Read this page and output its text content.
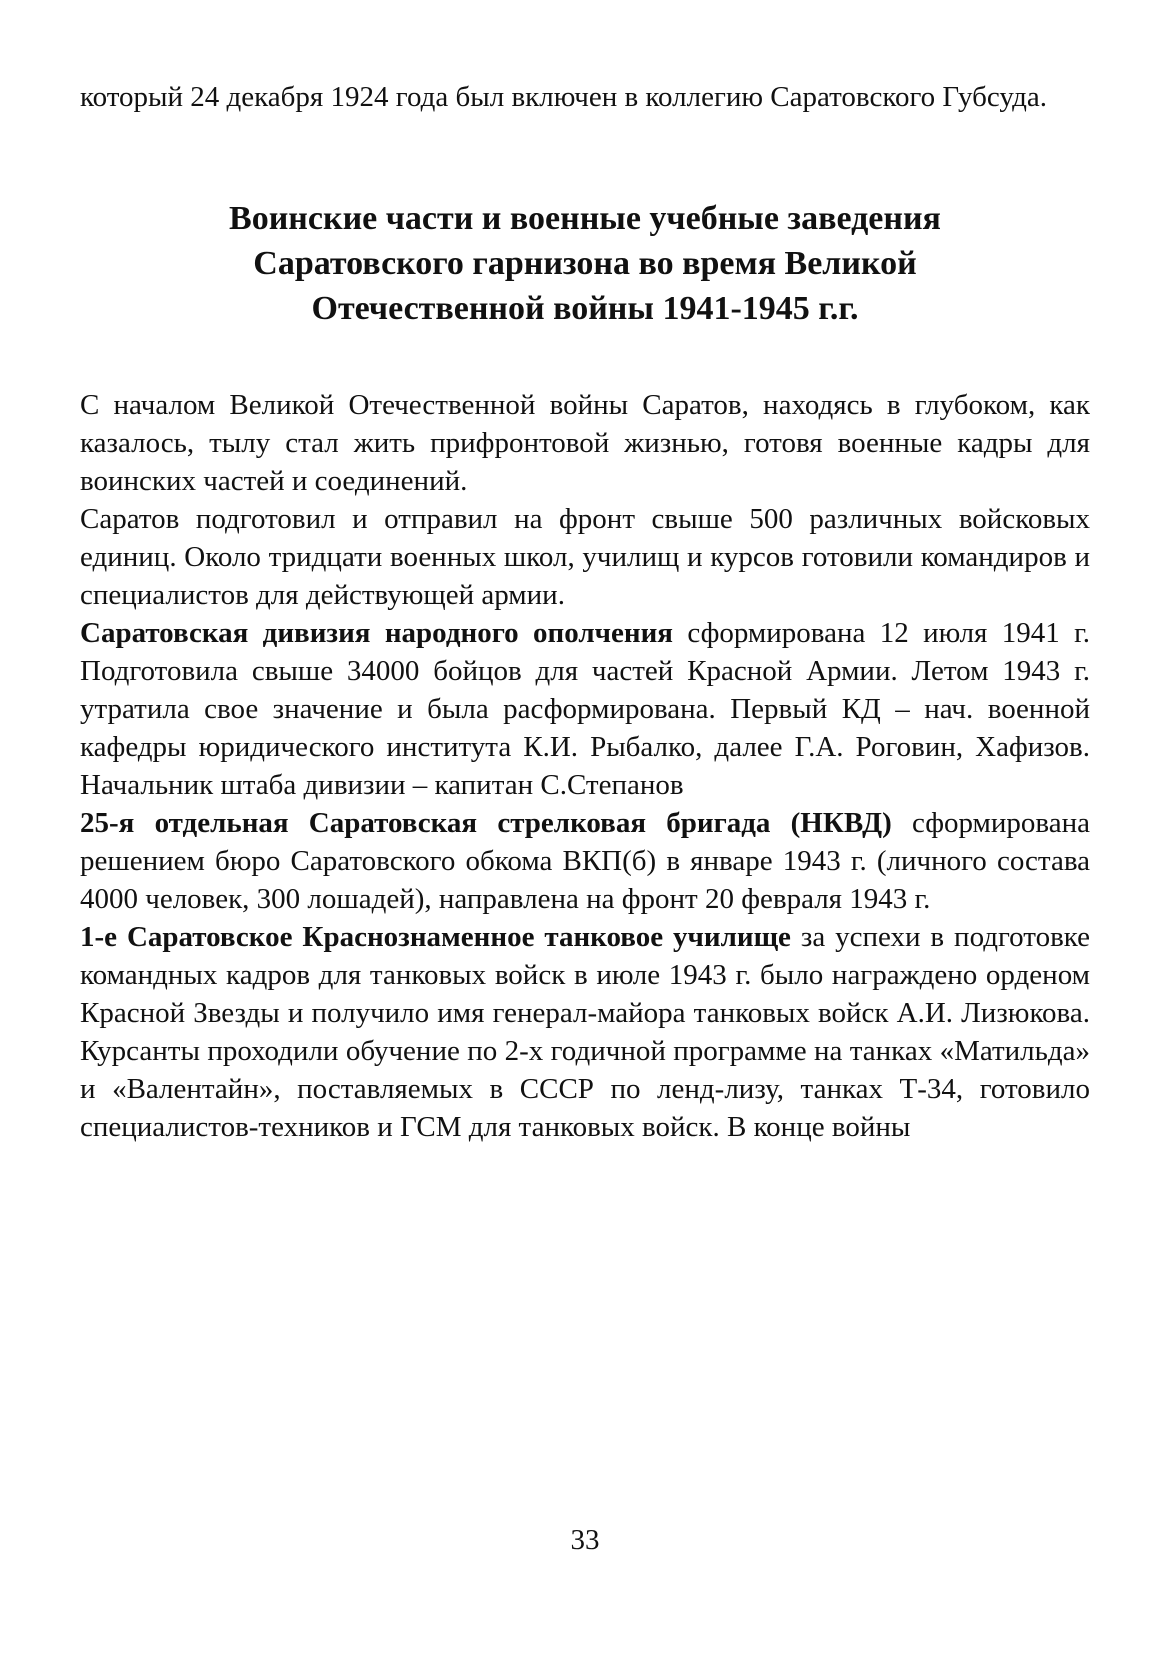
который 24 декабря 1924 года был включен в коллегию Саратовского Губсуда.

Воинские части и военные учебные заведения
Саратовского гарнизона во время Великой
Отечественной войны 1941-1945 г.г.

С началом Великой Отечественной войны Саратов, находясь в глубоком, как казалось, тылу стал жить прифронтовой жизнью, готовя военные кадры для воинских частей и соединений.

Саратов подготовил и отправил на фронт свыше 500 различных войсковых единиц. Около тридцати военных школ, училищ и курсов готовили командиров и специалистов для действующей армии.

Саратовская дивизия народного ополчения сформирована 12 июля 1941 г. Подготовила свыше 34000 бойцов для частей Красной Армии. Летом 1943 г. утратила свое значение и была расформирована. Первый КД – нач. военной кафедры юридического института К.И. Рыбалко, далее Г.А. Роговин, Хафизов. Начальник штаба дивизии – капитан С.Степанов

25-я отдельная Саратовская стрелковая бригада (НКВД) сформирована решением бюро Саратовского обкома ВКП(б) в январе 1943 г. (личного состава 4000 человек, 300 лошадей), направлена на фронт 20 февраля 1943 г.

1-е Саратовское Краснознаменное танковое училище за успехи в подготовке командных кадров для танковых войск в июле 1943 г. было награждено орденом Красной Звезды и получило имя генерал-майора танковых войск А.И. Лизюкова. Курсанты проходили обучение по 2-х годичной программе на танках «Матильда» и «Валентайн», поставляемых в СССР по ленд-лизу, танках Т-34, готовило специалистов-техников и ГСМ для танковых войск. В конце войны

33
